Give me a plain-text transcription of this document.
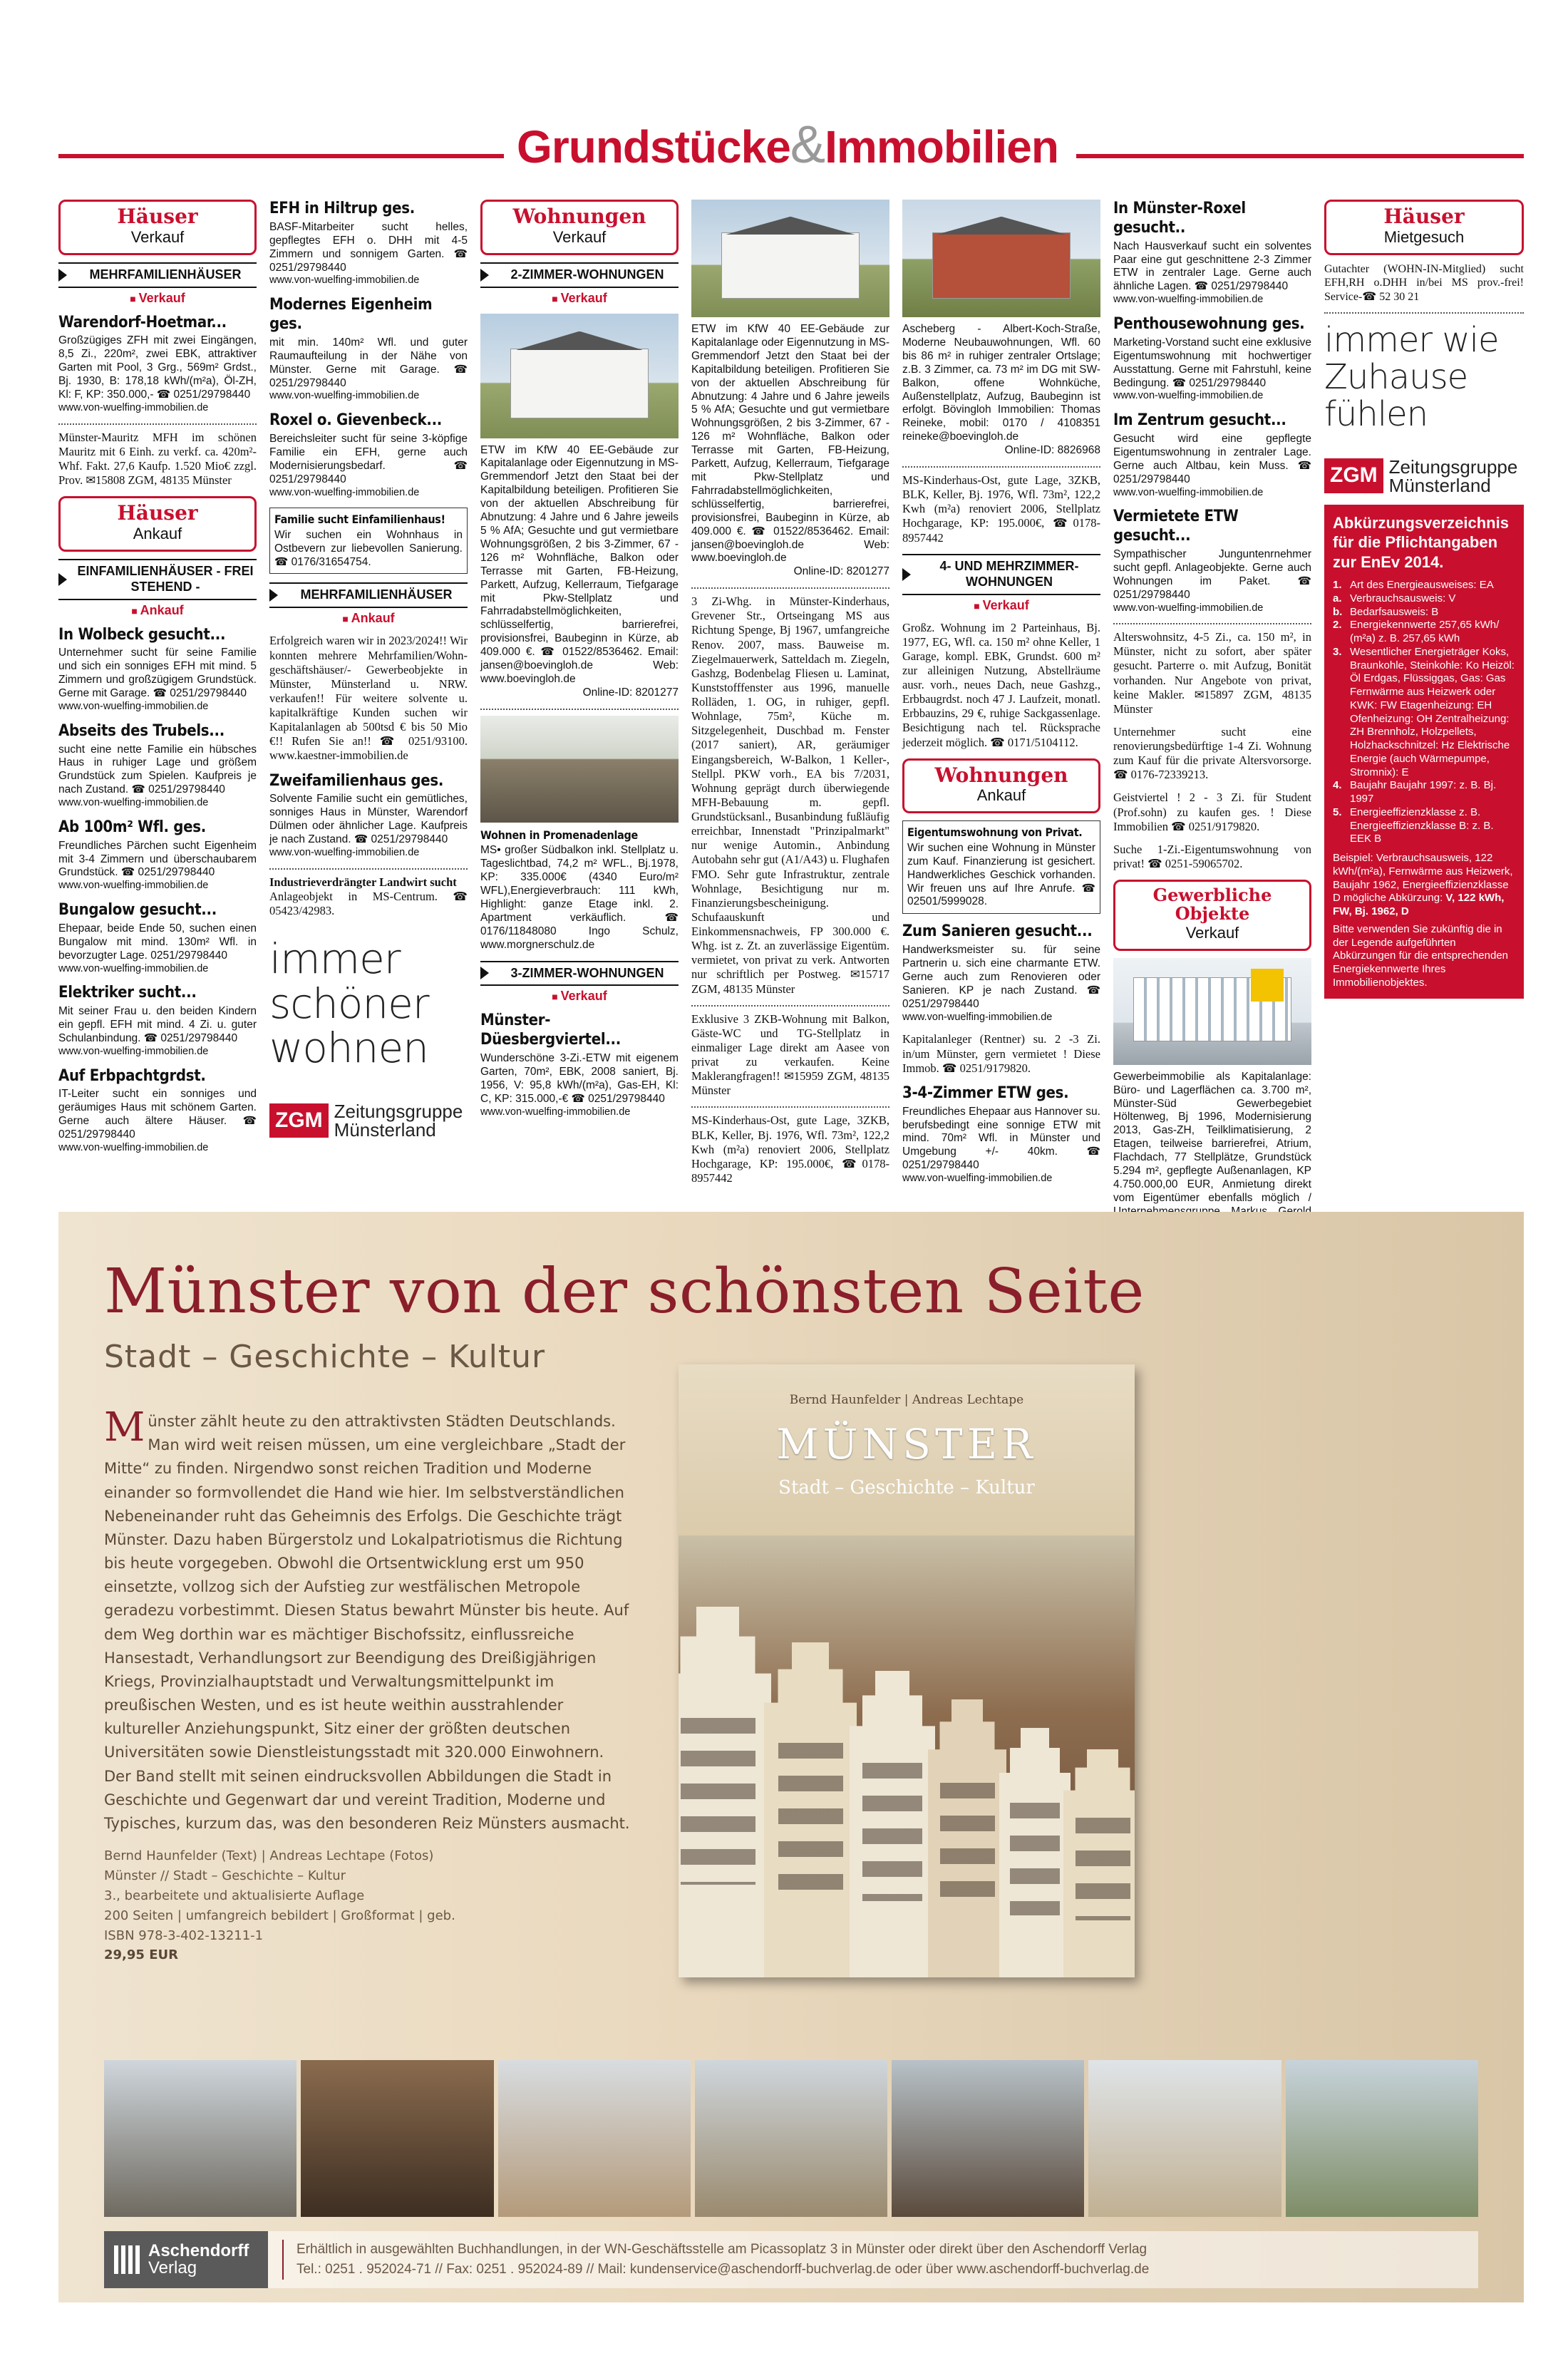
Grundstücke&Immobilien
Häuser
Verkauf
MEHRFAMILIENHÄUSER
■ Verkauf
Warendorf-Hoetmar...

Großzügiges ZFH mit zwei Eingängen, 8,5 Zi., 220m², zwei EBK, attraktiver Garten mit Pool, 3 Grg., 569m² Grdst., Bj. 1930, B: 178,18 kWh/(m²a), Öl-ZH, Kl: F, KP: 350.000,- ☎ 0251/29798440

www.von-wuelfing-immobilien.de

Münster-Mauritz MFH im schönen Mauritz mit 6 Einh. zu verkf. ca. 420m²-Whf. Fakt. 27,6 Kaufp. 1.520 Mio€ zzgl. Prov. ✉15808 ZGM, 48135 Münster

Häuser
Ankauf
EINFAMILIENHÄUSER - FREI STEHEND -
■ Ankauf
In Wolbeck gesucht...

Unternehmer sucht für seine Familie und sich ein sonniges EFH mit mind. 5 Zimmern und großzügigem Grundstück. Gerne mit Garage. ☎ 0251/29798440

www.von-wuelfing-immobilien.de

Abseits des Trubels...

sucht eine nette Familie ein hübsches Haus in ruhiger Lage und größem Grundstück zum Spielen. Kaufpreis je nach Zustand. ☎ 0251/29798440

www.von-wuelfing-immobilien.de

Ab 100m² Wfl. ges.

Freundliches Pärchen sucht Eigenheim mit 3-4 Zimmern und überschaubarem Grundstück. ☎ 0251/29798440

www.von-wuelfing-immobilien.de

Bungalow gesucht...

Ehepaar, beide Ende 50, suchen einen Bungalow mit mind. 130m² Wfl. in bevorzugter Lage. 0251/29798440

www.von-wuelfing-immobilien.de

Elektriker sucht...

Mit seiner Frau u. den beiden Kindern ein gepfl. EFH mit mind. 4 Zi. u. guter Schulanbindung. ☎ 0251/29798440

www.von-wuelfing-immobilien.de

Auf Erbpachtgrdst.

IT-Leiter sucht ein sonniges und geräumiges Haus mit schönem Garten. Gerne auch ältere Häuser. ☎ 0251/29798440

www.von-wuelfing-immobilien.de

EFH in Hiltrup ges.

BASF-Mitarbeiter sucht helles, gepflegtes EFH o. DHH mit 4-5 Zimmern und sonnigem Garten. ☎ 0251/29798440

www.von-wuelfing-immobilien.de

Modernes Eigenheim ges.

mit min. 140m² Wfl. und guter Raumaufteilung in der Nähe von Münster. Gerne mit Garage. ☎ 0251/29798440

www.von-wuelfing-immobilien.de

Roxel o. Gievenbeck...

Bereichsleiter sucht für seine 3-köpfige Familie ein EFH, gerne auch Modernisierungsbedarf. ☎ 0251/29798440

www.von-wuelfing-immobilien.de

Familie sucht Einfamilienhaus!

Wir suchen ein Wohnhaus in Ostbevern zur liebevollen Sanierung. ☎ 0176/31654754.

MEHRFAMILIENHÄUSER
■ Ankauf

Erfolgreich waren wir in 2023/2024!! Wir konnten mehrere Mehrfamilien/Wohn- geschäftshäuser/- Gewerbeobjekte in Münster, Münsterland u. NRW. verkaufen!! Für weitere solvente u. kapitalkräftige Kunden suchen wir Kapitalanlagen ab 500tsd € bis 50 Mio €!! Rufen Sie an!! ☎ 0251/93100. www.kaestner-immobilien.de

Zweifamilienhaus ges.

Solvente Familie sucht ein gemütliches, sonniges Haus in Münster, Warendorf Dülmen oder ähnlicher Lage. Kaufpreis je nach Zustand. ☎ 0251/29798440

www.von-wuelfing-immobilien.de

Industrieverdrängter Landwirt sucht

Anlageobjekt in MS-Centrum. ☎ 05423/42983.

immer
schöner
wohnen
ZGM Zeitungsgruppe
Münsterland
Wohnungen
Verkauf
2-ZIMMER-WOHNUNGEN
■ Verkauf

ETW im KfW 40 EE-Gebäude zur Kapitalanlage oder Eigennutzung in MS-Gremmendorf Jetzt den Staat bei der Kapitalbildung beteiligen. Profitieren Sie von der aktuellen Abschreibung für Abnutzung: 4 Jahre und 6 Jahre jeweils 5 % AfA; Gesuchte und gut vermietbare Wohnungsgrößen, 2 bis 3-Zimmer, 67 - 126 m² Wohnfläche, Balkon oder Terrasse mit Garten, FB-Heizung, Parkett, Aufzug, Kellerraum, Tiefgarage mit Pkw-Stellplatz und Fahrradabstellmöglichkeiten, schlüsselfertig, barrierefrei, provisionsfrei, Baubeginn in Kürze, ab 409.000 €. ☎ 01522/8536462. Email: jansen@boevingloh.de Web: www.boevingloh.de

Online-ID: 8201277

Wohnen in Promenadenlage

MS• großer Südbalkon inkl. Stellplatz u. Tageslichtbad, 74,2 m² WFL., Bj.1978, KP: 335.000€ (4340 Euro/m² WFL),Energieverbrauch: 111 kWh, Highlight: ganze Etage inkl. 2. Apartment verkäuflich. ☎ 0176/11848080 Ingo Schulz, www.morgnerschulz.de

3-ZIMMER-WOHNUNGEN
■ Verkauf
Münster-Düesbergviertel...

Wunderschöne 3-Zi.-ETW mit eigenem Garten, 70m², EBK, 2008 saniert, Bj. 1956, V: 95,8 kWh/(m²a), Gas-EH, Kl: C, KP: 315.000,-€ ☎ 0251/29798440

www.von-wuelfing-immobilien.de

ETW im KfW 40 EE-Gebäude zur Kapitalanlage oder Eigennutzung in MS-Gremmendorf Jetzt den Staat bei der Kapitalbildung beteiligen. Profitieren Sie von der aktuellen Abschreibung für Abnutzung: 4 Jahre und 6 Jahre jeweils 5 % AfA; Gesuchte und gut vermietbare Wohnungsgrößen, 2 bis 3-Zimmer, 67 - 126 m² Wohnfläche, Balkon oder Terrasse mit Garten, FB-Heizung, Parkett, Aufzug, Kellerraum, Tiefgarage mit Pkw-Stellplatz und Fahrradabstellmöglichkeiten, schlüsselfertig, barrierefrei, provisionsfrei, Baubeginn in Kürze, ab 409.000 €. ☎ 01522/8536462. Email: jansen@boevingloh.de Web: www.boevingloh.de

Online-ID: 8201277

3 Zi-Whg. in Münster-Kinderhaus, Grevener Str., Ortseingang MS aus Richtung Spenge, Bj 1967, umfangreiche Renov. 2007, mass. Bauweise m. Ziegelmauerwerk, Satteldach m. Ziegeln, Gashzg, Bodenbelag Fliesen u. Laminat, Kunststofffenster aus 1996, manuelle Rolläden, 1. OG, in ruhiger, gepfl. Wohnlage, 75m², Küche m. Sitzgelegenheit, Duschbad m. Fenster (2017 saniert), AR, geräumiger Eingangsbereich, W-Balkon, 1 Keller-, Stellpl. PKW vorh., EA bis 7/2031, Wohnung geprägt durch überwiegende MFH-Bebauung m. gepfl. Grundstücksanl., Busanbindung fußläufig erreichbar, Innenstadt "Prinzipalmarkt" nur wenige Automin., Anbindung Autobahn sehr gut (A1/A43) u. Flughafen FMO. Sehr gute Infrastruktur, zentrale Wohnlage, Besichtigung nur m. Finanzierungsbescheinigung. Schufaauskunft und Einkommensnachweis, FP 300.000 €. Whg. ist z. Zt. an zuverlässige Eigentüm. vermietet, von privat zu verk. Antworten nur schriftlich per Postweg. ✉15717 ZGM, 48135 Münster

Exklusive 3 ZKB-Wohnung mit Balkon, Gäste-WC und TG-Stellplatz in einmaliger Lage direkt am Aasee von privat zu verkaufen. Keine Maklerangfragen!! ✉15959 ZGM, 48135 Münster

MS-Kinderhaus-Ost, gute Lage, 3ZKB, BLK, Keller, Bj. 1976, Wfl. 73m², 122,2 Kwh (m²a) renoviert 2006, Stellplatz Hochgarage, KP: 195.000€, ☎0178-8957442

Ascheberg - Albert-Koch-Straße, Moderne Neubauwohnungen, Wfl. 60 bis 86 m² in ruhiger zentraler Ortslage; z.B. 3 Zimmer, ca. 73 m² im DG mit SW-Balkon, offene Wohnküche, Außenstellplatz, Aufzug, Baubeginn ist erfolgt. Bövingloh Immobilien: Thomas Reineke, mobil: 0170 / 4108351 reineke@boevingloh.de

Online-ID: 8826968

MS-Kinderhaus-Ost, gute Lage, 3ZKB, BLK, Keller, Bj. 1976, Wfl. 73m², 122,2 Kwh (m²a) renoviert 2006, Stellplatz Hochgarage, KP: 195.000€, ☎0178-8957442

4- UND MEHRZIMMER-WOHNUNGEN
■ Verkauf

Großz. Wohnung im 2 Parteinhaus, Bj. 1977, EG, Wfl. ca. 150 m² ohne Keller, 1 Garage, kompl. EBK, Grundst. 600 m² zur alleinigen Nutzung, Abstellräume ausr. vorh., neues Dach, neue Gashzg., Erbbaugrdst. noch 47 J. Laufzeit, monatl. Erbbauzins, 29 €, ruhige Sackgassenlage. Besichtigung nach tel. Rücksprache jederzeit möglich. ☎ 0171/5104112.

Wohnungen
Ankauf
Eigentumswohnung von Privat.

Wir suchen eine Wohnung in Münster zum Kauf. Finanzierung ist gesichert. Handwerkliches Geschick vorhanden. Wir freuen uns auf Ihre Anrufe. ☎ 02501/5999028.

Zum Sanieren gesucht...

Handwerksmeister su. für seine Partnerin u. sich eine charmante ETW. Gerne auch zum Renovieren oder Sanieren. KP je nach Zustand. ☎ 0251/29798440

www.von-wuelfing-immobilien.de

Kapitalanleger (Rentner) su. 2 -3 Zi. in/um Münster, gern vermietet ! Diese Immob. ☎ 0251/9179820.

3-4-Zimmer ETW ges.

Freundliches Ehepaar aus Hannover su. berufsbedingt eine sonnige ETW mit mind. 70m² Wfl. in Münster und Umgebung +/- 40km. ☎ 0251/29798440

www.von-wuelfing-immobilien.de

In Münster-Roxel gesucht..

Nach Hausverkauf sucht ein solventes Paar eine gut geschnittene 2-3 Zimmer ETW in zentraler Lage. Gerne auch ähnliche Lagen. ☎ 0251/29798440

www.von-wuelfing-immobilien.de

Penthousewohnung ges.

Marketing-Vorstand sucht eine exklusive Eigentumswohnung mit hochwertiger Ausstattung. Gerne mit Fahrstuhl, keine Bedingung. ☎ 0251/29798440

www.von-wuelfing-immobilien.de

Im Zentrum gesucht...

Gesucht wird eine gepflegte Eigentumswohnung in zentraler Lage. Gerne auch Altbau, kein Muss. ☎ 0251/29798440

www.von-wuelfing-immobilien.de

Vermietete ETW gesucht...

Sympathischer Junguntenrnehmer sucht gepfl. Anlageobjekte. Gerne auch Wohnungen im Paket. ☎ 0251/29798440

www.von-wuelfing-immobilien.de

Alterswohnsitz, 4-5 Zi., ca. 150 m², in Münster, nicht zu sofort, aber später gesucht. Parterre o. mit Aufzug, Bonität vorhanden. Nur Angebote von privat, keine Makler. ✉15897 ZGM, 48135 Münster

Unternehmer sucht eine renovierungsbedürftige 1-4 Zi. Wohnung zum Kauf für die private Altersvorsorge. ☎ 0176-72339213.

Geistviertel ! 2 - 3 Zi. für Student (Prof.sohn) zu kaufen ges. ! Diese Immobilien ☎ 0251/9179820.

Suche 1-Zi.-Eigentumswohnung von privat! ☎ 0251-59065702.

Gewerbliche Objekte
Verkauf

Gewerbeimmobilie als Kapitalanlage: Büro- und Lagerflächen ca. 3.700 m², Münster-Süd Gewerbegebiet Höltenweg, Bj 1996, Modernisierung 2013, Gas-ZH, Teilklimatisierung, 2 Etagen, teilweise barrierefrei, Atrium, Flachdach, 77 Stellplätze, Grundstück 5.294 m², gepflegte Außenanlagen, KP 4.750.000,00 EUR, Anmietung direkt vom Eigentümer ebenfalls möglich /

Häuser
Mietgesuch

Gutachter (WOHN-IN-Mitglied) sucht EFH,RH o.DHH in/bei MS prov.-frei! Service-☎ 52 30 21

immer wie
Zuhause
fühlen
ZGM Zeitungsgruppe
Münsterland
Abkürzungsverzeichnis für die Pflichtangaben zur EnEv 2014.
1. Art des Energieausweises: EA
a. Verbrauchsausweis: V
b. Bedarfsausweis: B
2. Energiekennwerte 257,65 kWh/ (m²a) z. B. 257,65 kWh
3. Wesentlicher Energieträger Koks, Braunkohle, Steinkohle: Ko Heizöl: Öl Erdgas, Flüssiggas, Gas: Gas Fernwärme aus Heizwerk oder KWK: FW Etagenheizung: EH Ofenheizung: OH Zentralheizung: ZH Brennholz, Holzpellets, Holzhackschnitzel: Hz Elektrische Energie (auch Wärmepumpe, Stromnix): E
4. Baujahr Baujahr 1997: z. B. Bj. 1997
5. Energieeffizienzklasse z. B. Energieeffizienzklasse B: z. B. EEK B

Beispiel: Verbrauchsausweis, 122 kWh/(m²a), Fernwärme aus Heizwerk, Baujahr 1962, Energieeffizienzklasse D mögliche Abkürzung: V, 122 kWh, FW, Bj. 1962, D

Bitte verwenden Sie zukünftig die in der Legende aufgeführten Abkürzungen für die entsprechenden Energiekennwerte Ihres Immobilienobjektes.

Münster von der schönsten Seite
Stadt – Geschichte – Kultur
Münster zählt heute zu den attraktivsten Städten Deutschlands. Man wird weit reisen müssen, um eine vergleichbare „Stadt der Mitte“ zu finden. Nirgendwo sonst reichen Tradition und Moderne einander so formvollendet die Hand wie hier. Im selbstverständlichen Nebeneinander ruht das Geheimnis des Erfolgs. Die Geschichte trägt Münster. Dazu haben Bürgerstolz und Lokalpatriotismus die Richtung bis heute vorgegeben. Obwohl die Ortsentwicklung erst um 950 einsetzte, vollzog sich der Aufstieg zur westfälischen Metropole geradezu vorbestimmt. Diesen Status bewahrt Münster bis heute. Auf dem Weg dorthin war es mächtiger Bischofssitz, einflussreiche Hansestadt, Verhandlungsort zur Beendigung des Dreißigjährigen Kriegs, Provinzialhauptstadt und Verwaltungsmittelpunkt im preußischen Westen, und es ist heute weithin ausstrahlender kultureller Anziehungspunkt, Sitz einer der größten deutschen Universitäten sowie Dienstleistungsstadt mit 320.000 Einwohnern. Der Band stellt mit seinen eindrucksvollen Abbildungen die Stadt in Geschichte und Gegenwart dar und vereint Tradition, Moderne und Typisches, kurzum das, was den besonderen Reiz Münsters ausmacht.
Bernd Haunfelder (Text) | Andreas Lechtape (Fotos)
Münster // Stadt – Geschichte – Kultur
3., bearbeitete und aktualisierte Auflage
200 Seiten | umfangreich bebildert | Großformat | geb.
ISBN 978-3-402-13211-1
29,95 EUR
Bernd Haunfelder | Andreas Lechtape
MÜNSTER
Stadt – Geschichte – Kultur
Aschendorff
Verlag
Erhältlich in ausgewählten Buchhandlungen, in der WN-Geschäftsstelle am Picassoplatz 3 in Münster oder direkt über den Aschendorff Verlag
Tel.: 0251 . 952024-71 // Fax: 0251 . 952024-89 // Mail: kundenservice@aschendorff-buchverlag.de oder über www.aschendorff-buchverlag.de
